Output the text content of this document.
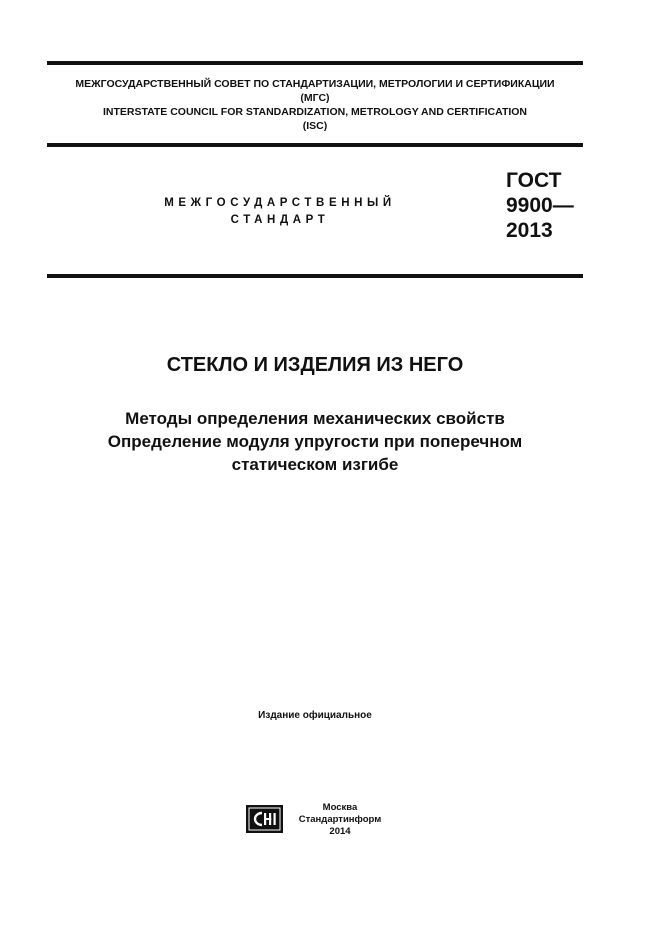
МЕЖГОСУДАРСТВЕННЫЙ СОВЕТ ПО СТАНДАРТИЗАЦИИ, МЕТРОЛОГИИ И СЕРТИФИКАЦИИ
(МГС)
INTERSTATE COUNCIL FOR STANDARDIZATION, METROLOGY AND CERTIFICATION
(ISC)
МЕЖГОСУДАРСТВЕННЫЙ
СТАНДАРТ
ГОСТ
9900—
2013
СТЕКЛО И ИЗДЕЛИЯ ИЗ НЕГО
Методы определения механических свойств
Определение модуля упругости при поперечном
статическом изгибе
Издание официальное
Москва
Стандартинформ
2014
